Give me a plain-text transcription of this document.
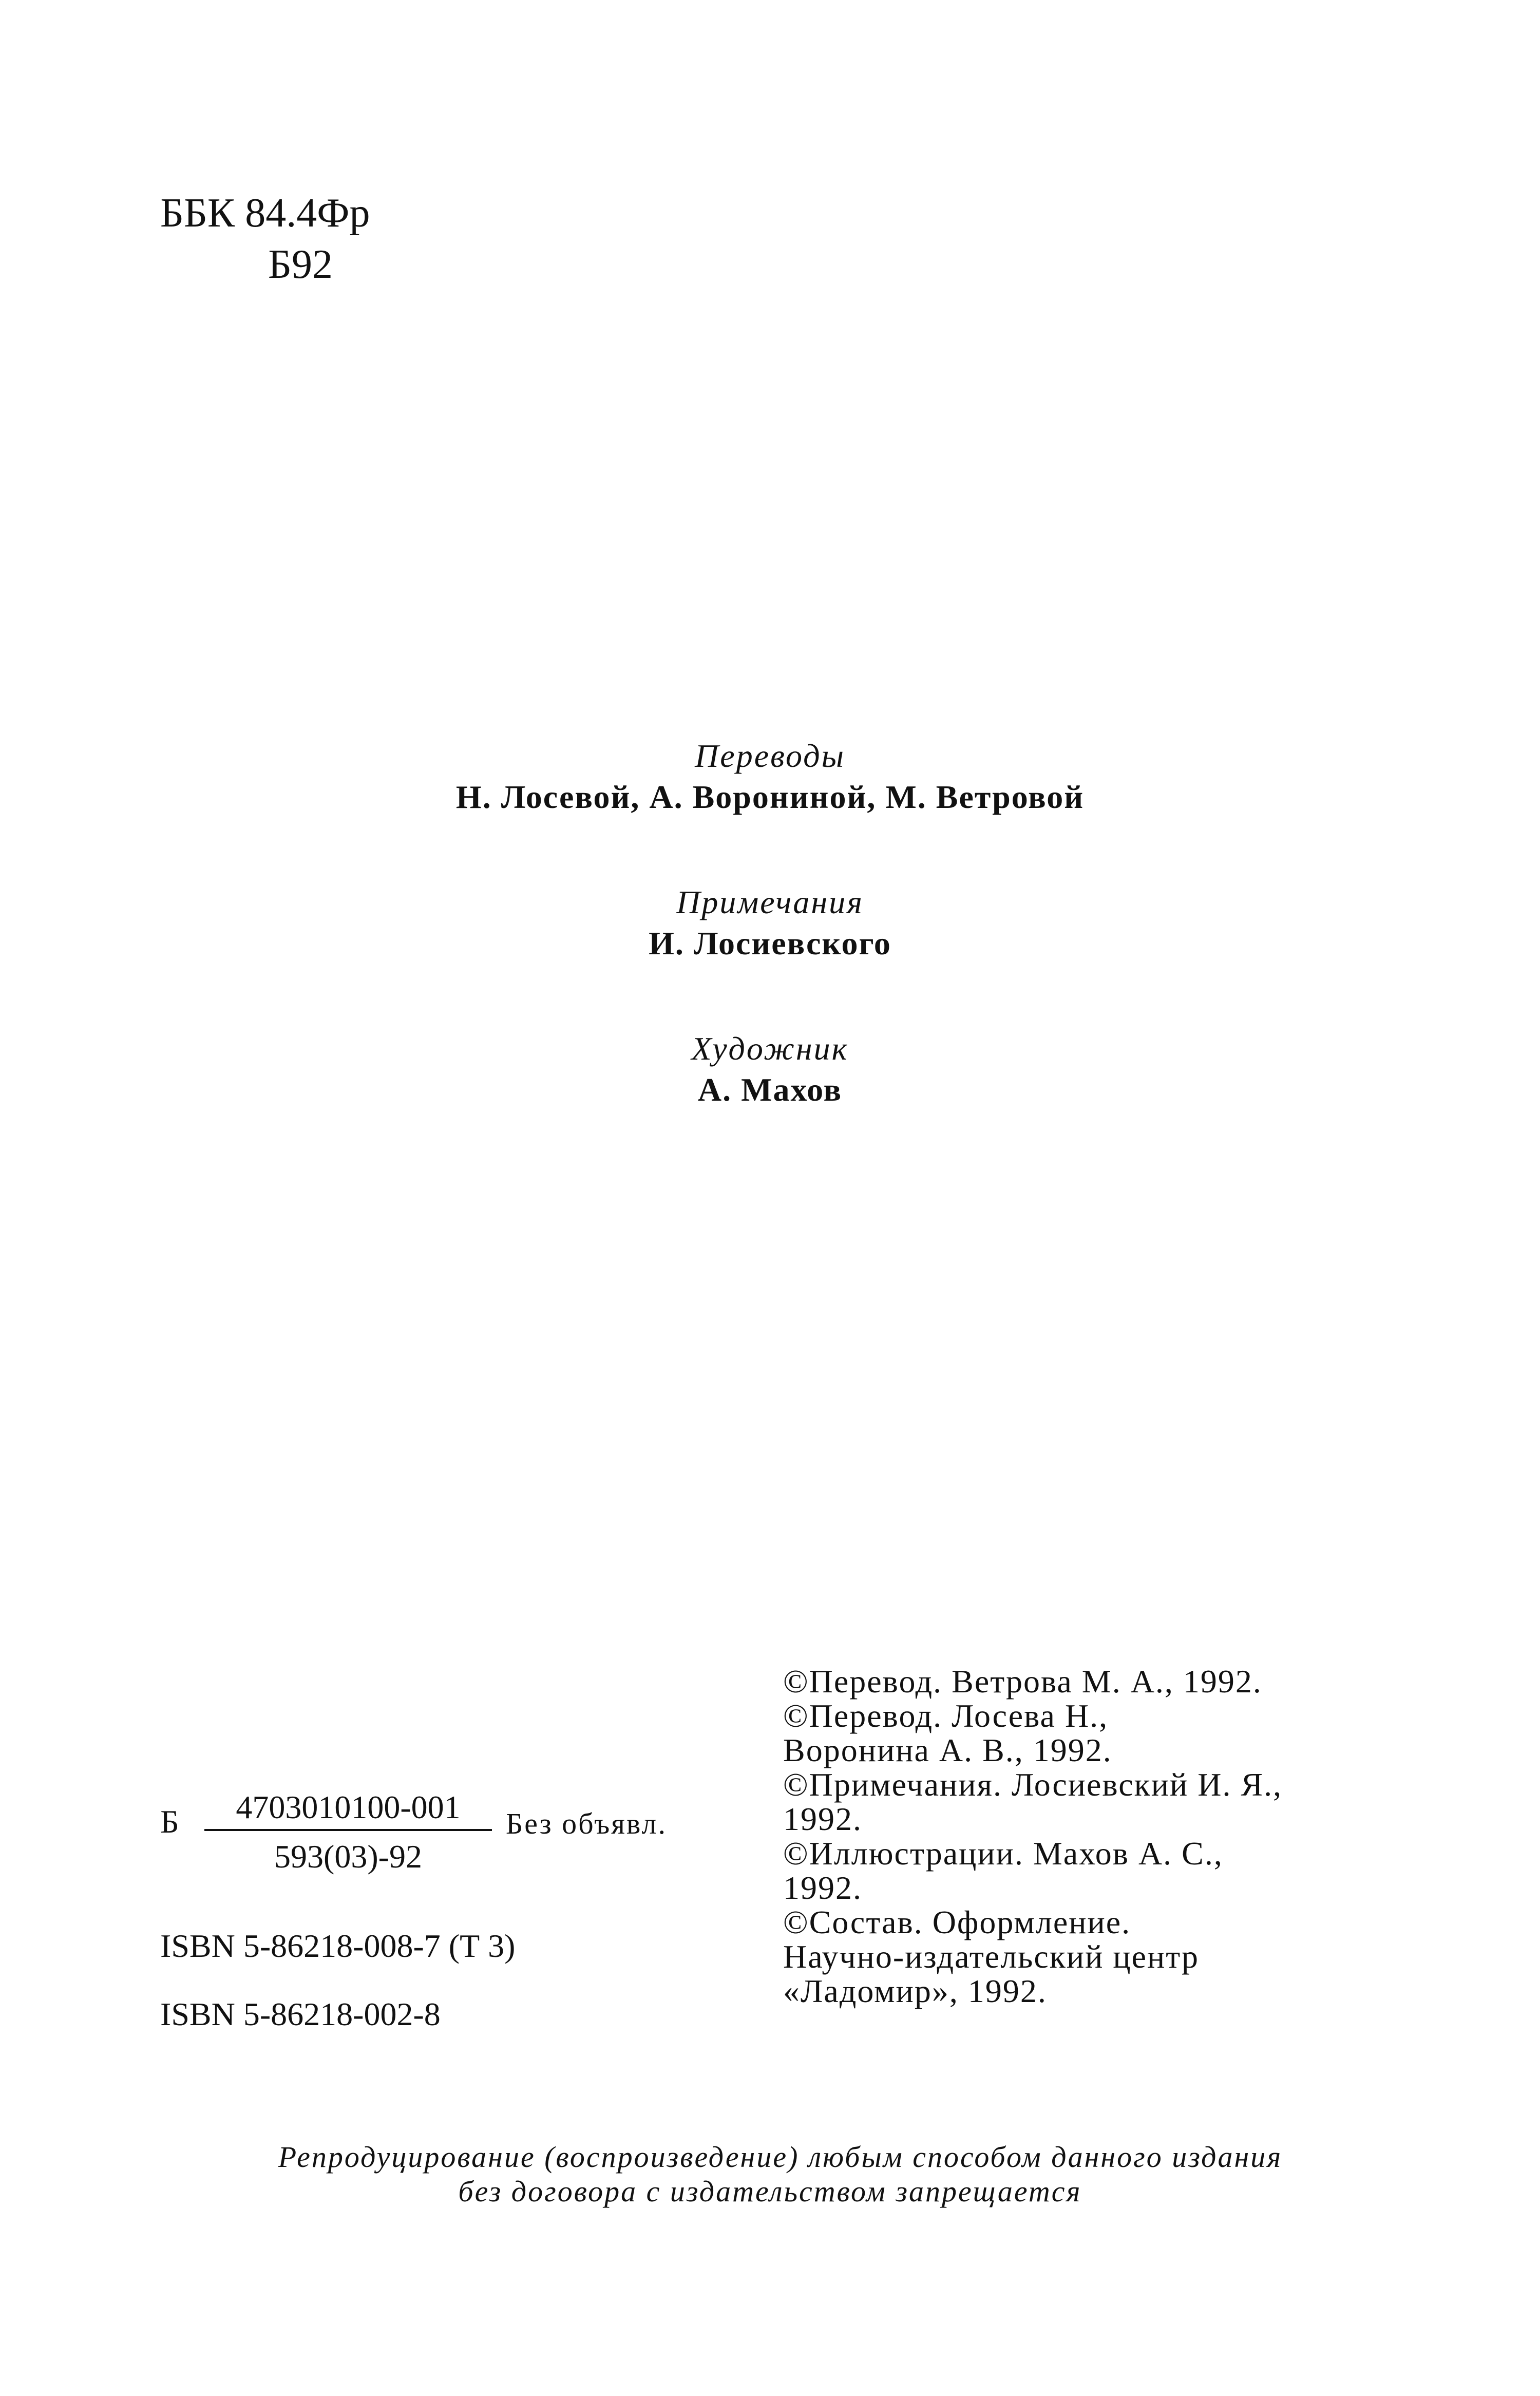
ББК 84.4Фр
Б92
Переводы
Н. Лосевой, А. Ворониной, М. Ветровой
Примечания
И. Лосиевского
Художник
А. Махов
Б $\frac{4703010100-001}{593(03)-92}$ Без объявл.
ISBN 5-86218-008-7 (Т 3)
ISBN 5-86218-002-8
©Перевод. Ветрова М. А., 1992.
©Перевод. Лосева Н.,
Воронина А. В., 1992.
©Примечания. Лосиевский И. Я.,
1992.
©Иллюстрации. Махов А. С.,
1992.
©Состав. Оформление.
Научно-издательский центр
«Ладомир», 1992.
Репродуцирование (воспроизведение) любым способом данного издания
без договора с издательством запрещается
